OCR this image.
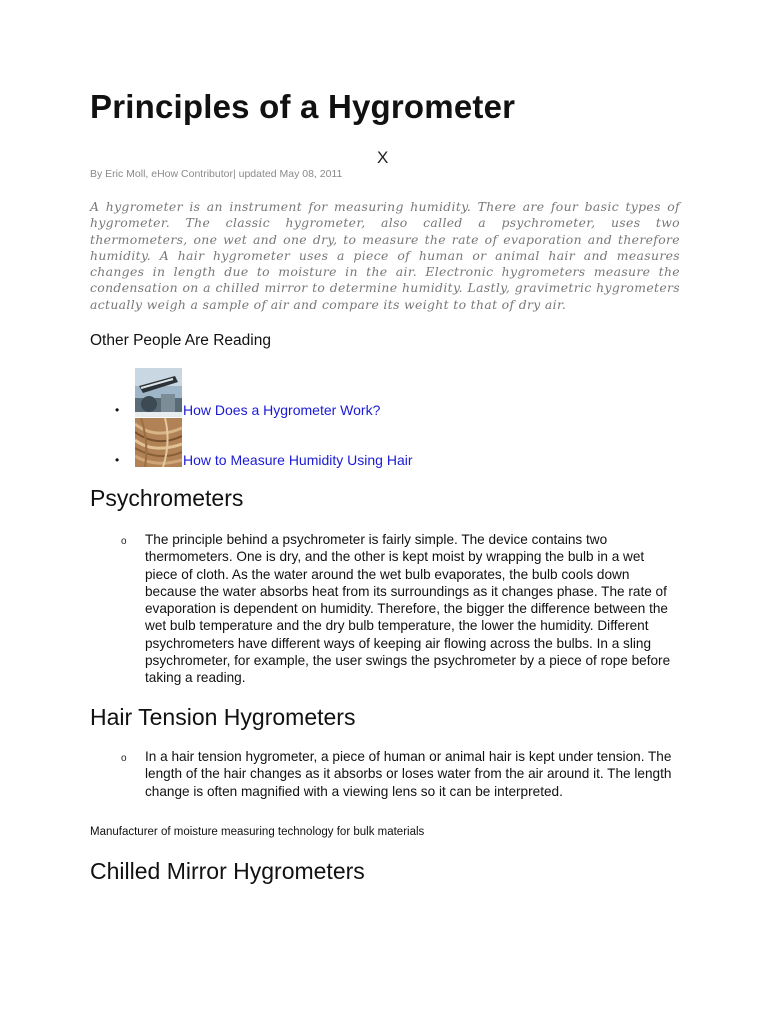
Principles of a Hygrometer
X
By Eric Moll, eHow Contributor| updated May 08, 2011
A hygrometer is an instrument for measuring humidity. There are four basic types of hygrometer. The classic hygrometer, also called a psychrometer, uses two thermometers, one wet and one dry, to measure the rate of evaporation and therefore humidity. A hair hygrometer uses a piece of human or animal hair and measures changes in length due to moisture in the air. Electronic hygrometers measure the condensation on a chilled mirror to determine humidity. Lastly, gravimetric hygrometers actually weigh a sample of air and compare its weight to that of dry air.
Other People Are Reading
•	How Does a Hygrometer Work?
•	How to Measure Humidity Using Hair
Psychrometers
o The principle behind a psychrometer is fairly simple. The device contains two thermometers. One is dry, and the other is kept moist by wrapping the bulb in a wet piece of cloth. As the water around the wet bulb evaporates, the bulb cools down because the water absorbs heat from its surroundings as it changes phase. The rate of evaporation is dependent on humidity. Therefore, the bigger the difference between the wet bulb temperature and the dry bulb temperature, the lower the humidity. Different psychrometers have different ways of keeping air flowing across the bulbs. In a sling psychrometer, for example, the user swings the psychrometer by a piece of rope before taking a reading.
Hair Tension Hygrometers
o In a hair tension hygrometer, a piece of human or animal hair is kept under tension. The length of the hair changes as it absorbs or loses water from the air around it. The length change is often magnified with a viewing lens so it can be interpreted.
Manufacturer of moisture measuring technology for bulk materials
Chilled Mirror Hygrometers
